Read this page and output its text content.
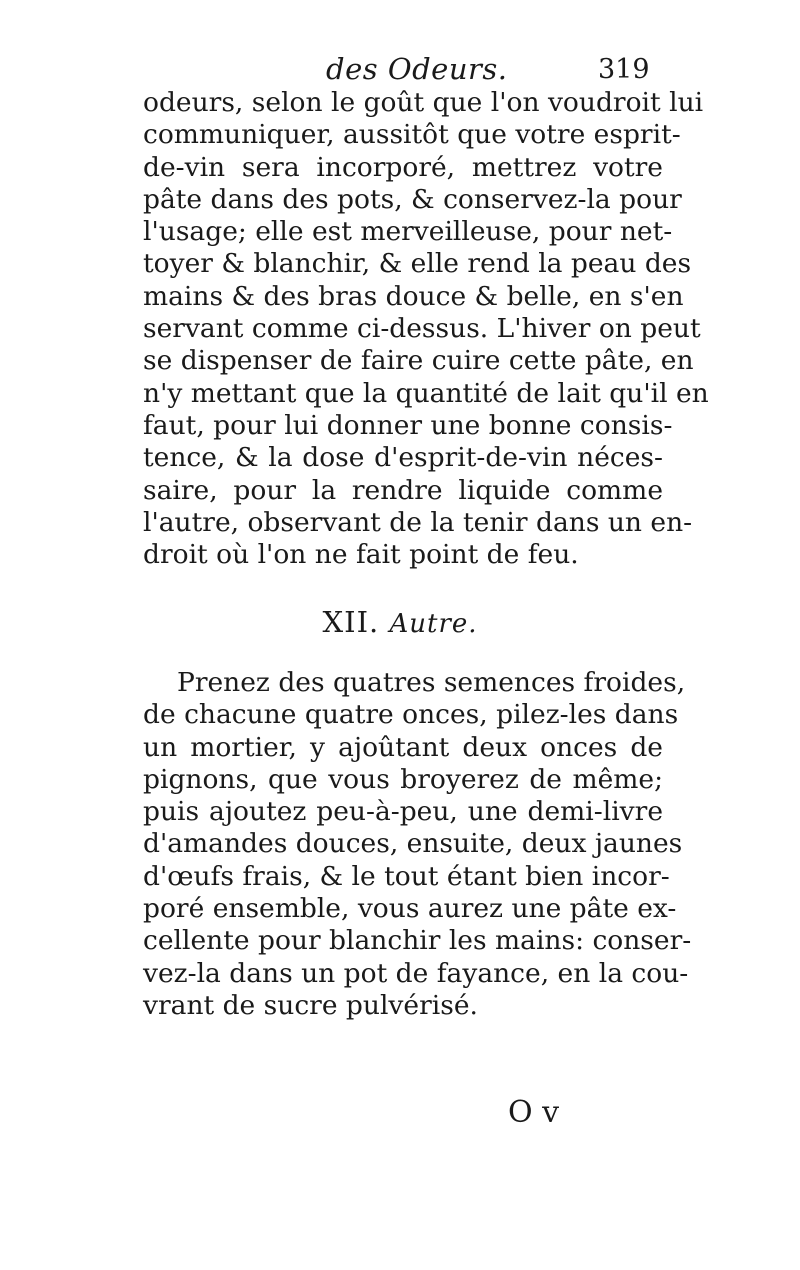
des Odeurs.	319
odeurs, selon le goût que l'on voudroit lui
communiquer, aussitôt que votre esprit-
de-vin sera incorporé, mettrez votre
pâte dans des pots, & conservez-la pour
l'usage; elle est merveilleuse, pour net-
toyer & blanchir, & elle rend la peau des
mains & des bras douce & belle, en s'en
servant comme ci-dessus. L'hiver on peut
se dispenser de faire cuire cette pâte, en
n'y mettant que la quantité de lait qu'il en
faut, pour lui donner une bonne consis-
tence, & la dose d'esprit-de-vin néces-
saire, pour la rendre liquide comme
l'autre, observant de la tenir dans un en-
droit où l'on ne fait point de feu.
XII. Autre.
Prenez des quatres semences froides,
de chacune quatre onces, pilez-les dans
un mortier, y ajoûtant deux onces de
pignons, que vous broyerez de même;
puis ajoutez peu-à-peu, une demi-livre
d'amandes douces, ensuite, deux jaunes
d'œufs frais, & le tout étant bien incor-
poré ensemble, vous aurez une pâte ex-
cellente pour blanchir les mains: conser-
vez-la dans un pot de fayance, en la cou-
vrant de sucre pulvérisé.
O v
